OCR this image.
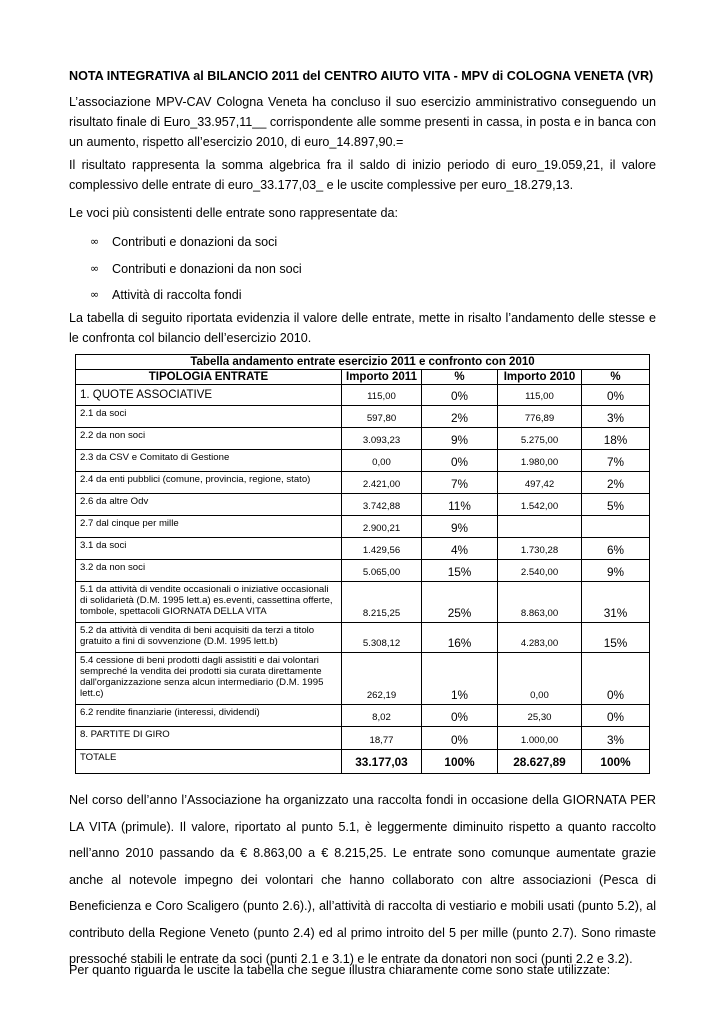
NOTA INTEGRATIVA al BILANCIO 2011 del CENTRO AIUTO VITA - MPV di COLOGNA VENETA (VR)
L’associazione MPV-CAV Cologna Veneta ha concluso il suo esercizio amministrativo conseguendo un risultato finale di Euro_33.957,11__ corrispondente alle somme presenti in cassa, in posta e in banca con un aumento, rispetto all’esercizio 2010, di euro_14.897,90.=
Il risultato rappresenta la somma algebrica fra il saldo di inizio periodo di euro_19.059,21, il valore complessivo delle entrate di euro_33.177,03_ e le uscite complessive per euro_18.279,13.
Le voci più consistenti delle entrate sono rappresentate da:
∞	Contributi e donazioni da soci
∞	Contributi e donazioni da non soci
∞	Attività di raccolta fondi
La tabella di seguito riportata evidenzia il valore delle entrate, mette in risalto l’andamento delle stesse e le confronta col bilancio dell’esercizio 2010.
Tabella andamento entrate esercizio 2011 e confronto con 2010				
TIPOLOGIA ENTRATE	Importo 2011	%	Importo 2010	%
1. QUOTE ASSOCIATIVE	115,00	0%	115,00	0%
2.1 da soci	597,80	2%	776,89	3%
2.2 da non soci	3.093,23	9%	5.275,00	18%
2.3 da CSV e Comitato di Gestione	0,00	0%	1.980,00	7%
2.4 da enti pubblici (comune, provincia, regione, stato)	2.421,00	7%	497,42	2%
2.6 da altre Odv	3.742,88	11%	1.542,00	5%
2.7 dal cinque per mille	2.900,21	9%		
3.1 da soci	1.429,56	4%	1.730,28	6%
3.2 da non soci	5.065,00	15%	2.540,00	9%
5.1 da attività di vendite occasionali o iniziative occasionali di solidarietà (D.M. 1995 lett.a) es.eventi, cassettina offerte, tombole, spettacoli GIORNATA DELLA VITA	8.215,25	25%	8.863,00	31%
5.2 da attività di vendita di beni acquisiti da terzi a titolo gratuito a fini di sovvenzione (D.M. 1995 lett.b)	5.308,12	16%	4.283,00	15%
5.4 cessione di beni prodotti dagli assistiti e dai volontari sempreché la vendita dei prodotti sia curata direttamente dall'organizzazione senza alcun intermediario (D.M. 1995 lett.c)	262,19	1%	0,00	0%
6.2 rendite finanziarie (interessi, dividendi)	8,02	0%	25,30	0%
8. PARTITE DI GIRO	18,77	0%	1.000,00	3%
TOTALE	33.177,03	100%	28.627,89	100%
Nel corso dell’anno l’Associazione ha organizzato una raccolta fondi in occasione della GIORNATA PER LA VITA (primule). Il valore, riportato al punto 5.1, è leggermente diminuito rispetto a quanto raccolto nell’anno 2010 passando da € 8.863,00 a € 8.215,25. Le entrate sono comunque aumentate grazie anche al notevole impegno dei volontari che hanno collaborato con altre associazioni (Pesca di Beneficienza e Coro Scaligero (punto 2.6).), all’attività di raccolta di vestiario e mobili usati (punto 5.2), al contributo della Regione Veneto (punto 2.4) ed al primo introito del 5 per mille (punto 2.7). Sono rimaste pressoché stabili le entrate da soci (punti 2.1 e 3.1) e le entrate da donatori non soci (punti 2.2 e 3.2).
Per quanto riguarda le uscite la tabella che segue illustra chiaramente come sono state utilizzate:
